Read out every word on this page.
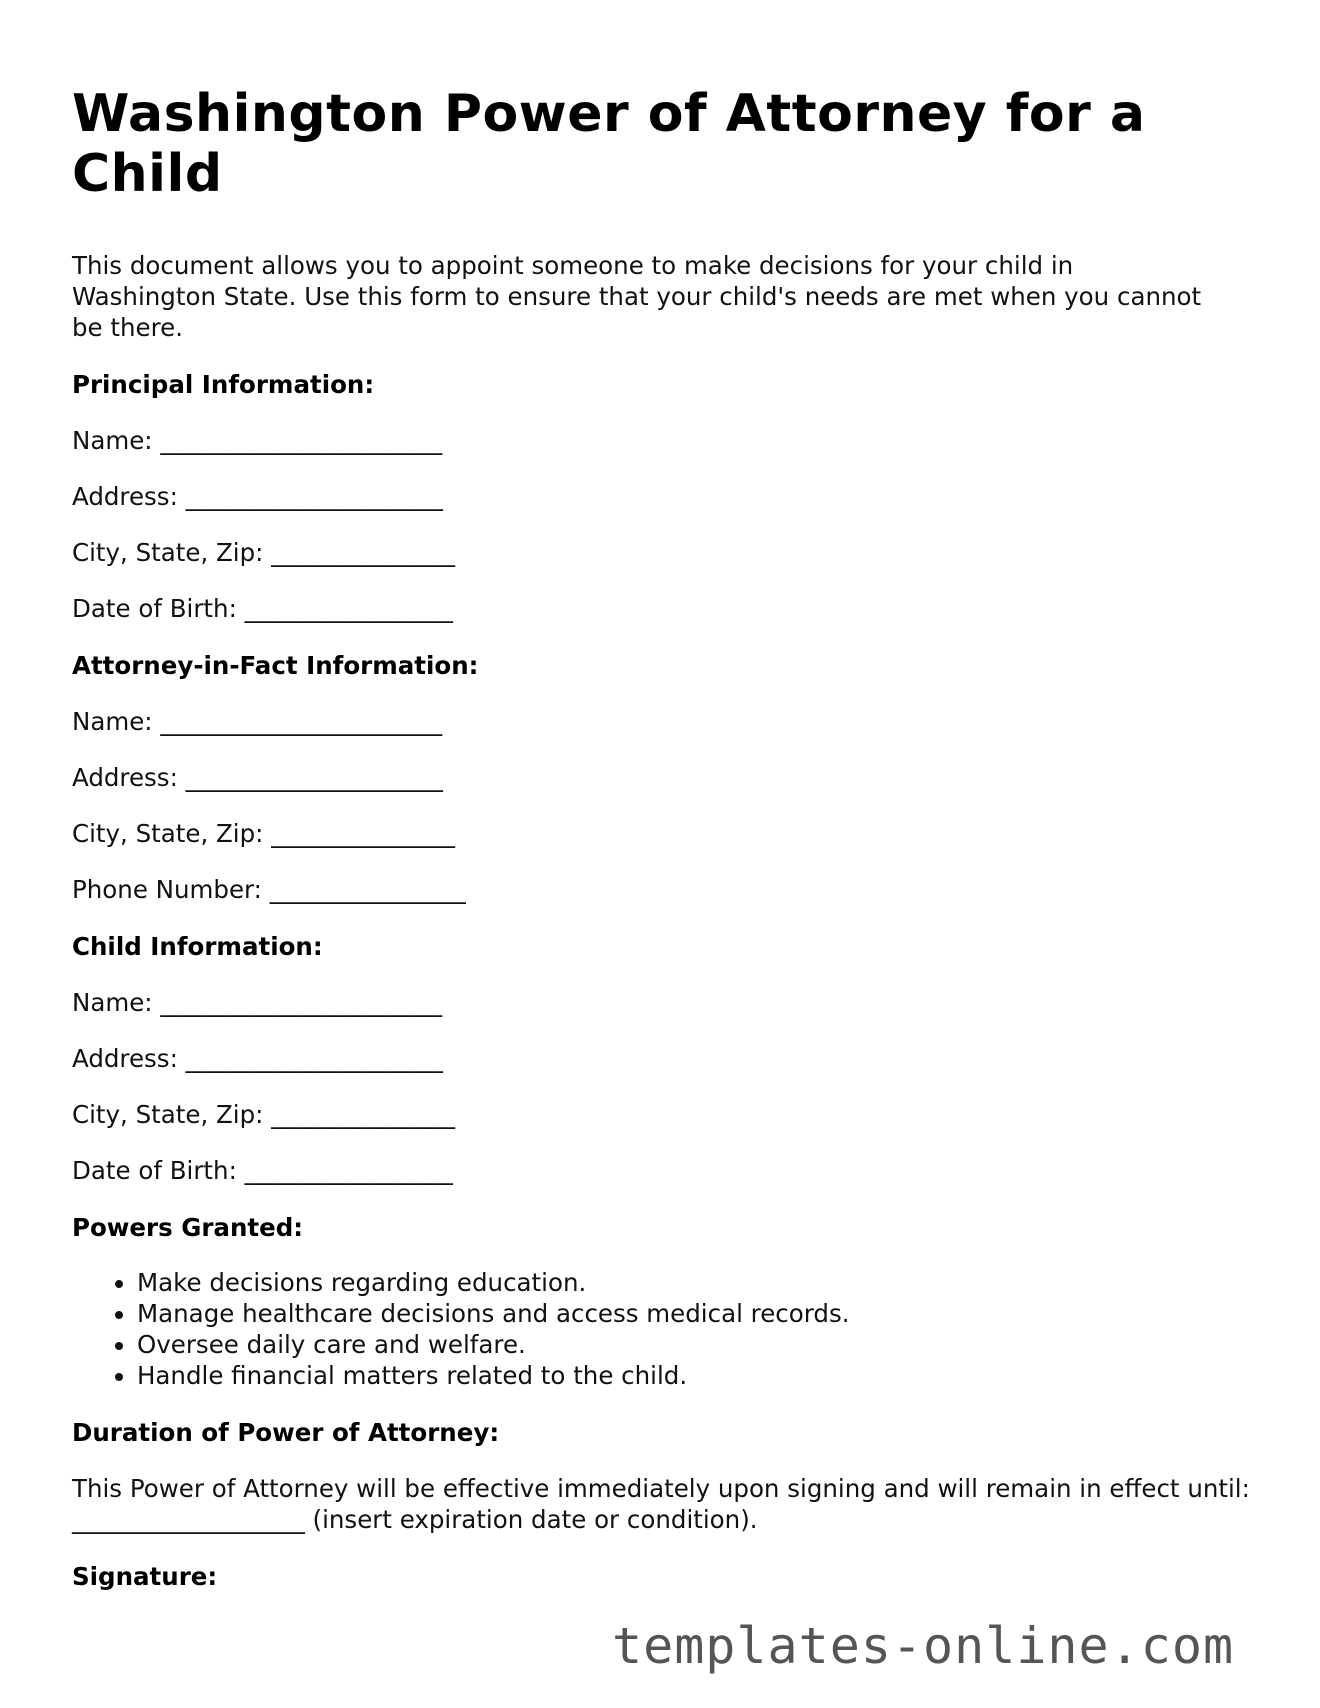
Washington Power of Attorney for a Child

This document allows you to appoint someone to make decisions for your child in Washington State. Use this form to ensure that your child's needs are met when you cannot be there.

Principal Information:
Name: _______________________
Address: _____________________
City, State, Zip: _______________
Date of Birth: _________________
Attorney-in-Fact Information:
Name: _______________________
Address: _____________________
City, State, Zip: _______________
Phone Number: ________________
Child Information:
Name: _______________________
Address: _____________________
City, State, Zip: _______________
Date of Birth: _________________
Powers Granted:
• Make decisions regarding education.
• Manage healthcare decisions and access medical records.
• Oversee daily care and welfare.
• Handle financial matters related to the child.
Duration of Power of Attorney:

This Power of Attorney will be effective immediately upon signing and will remain in effect until: ___________________ (insert expiration date or condition).

Signature:
templates-online.com
